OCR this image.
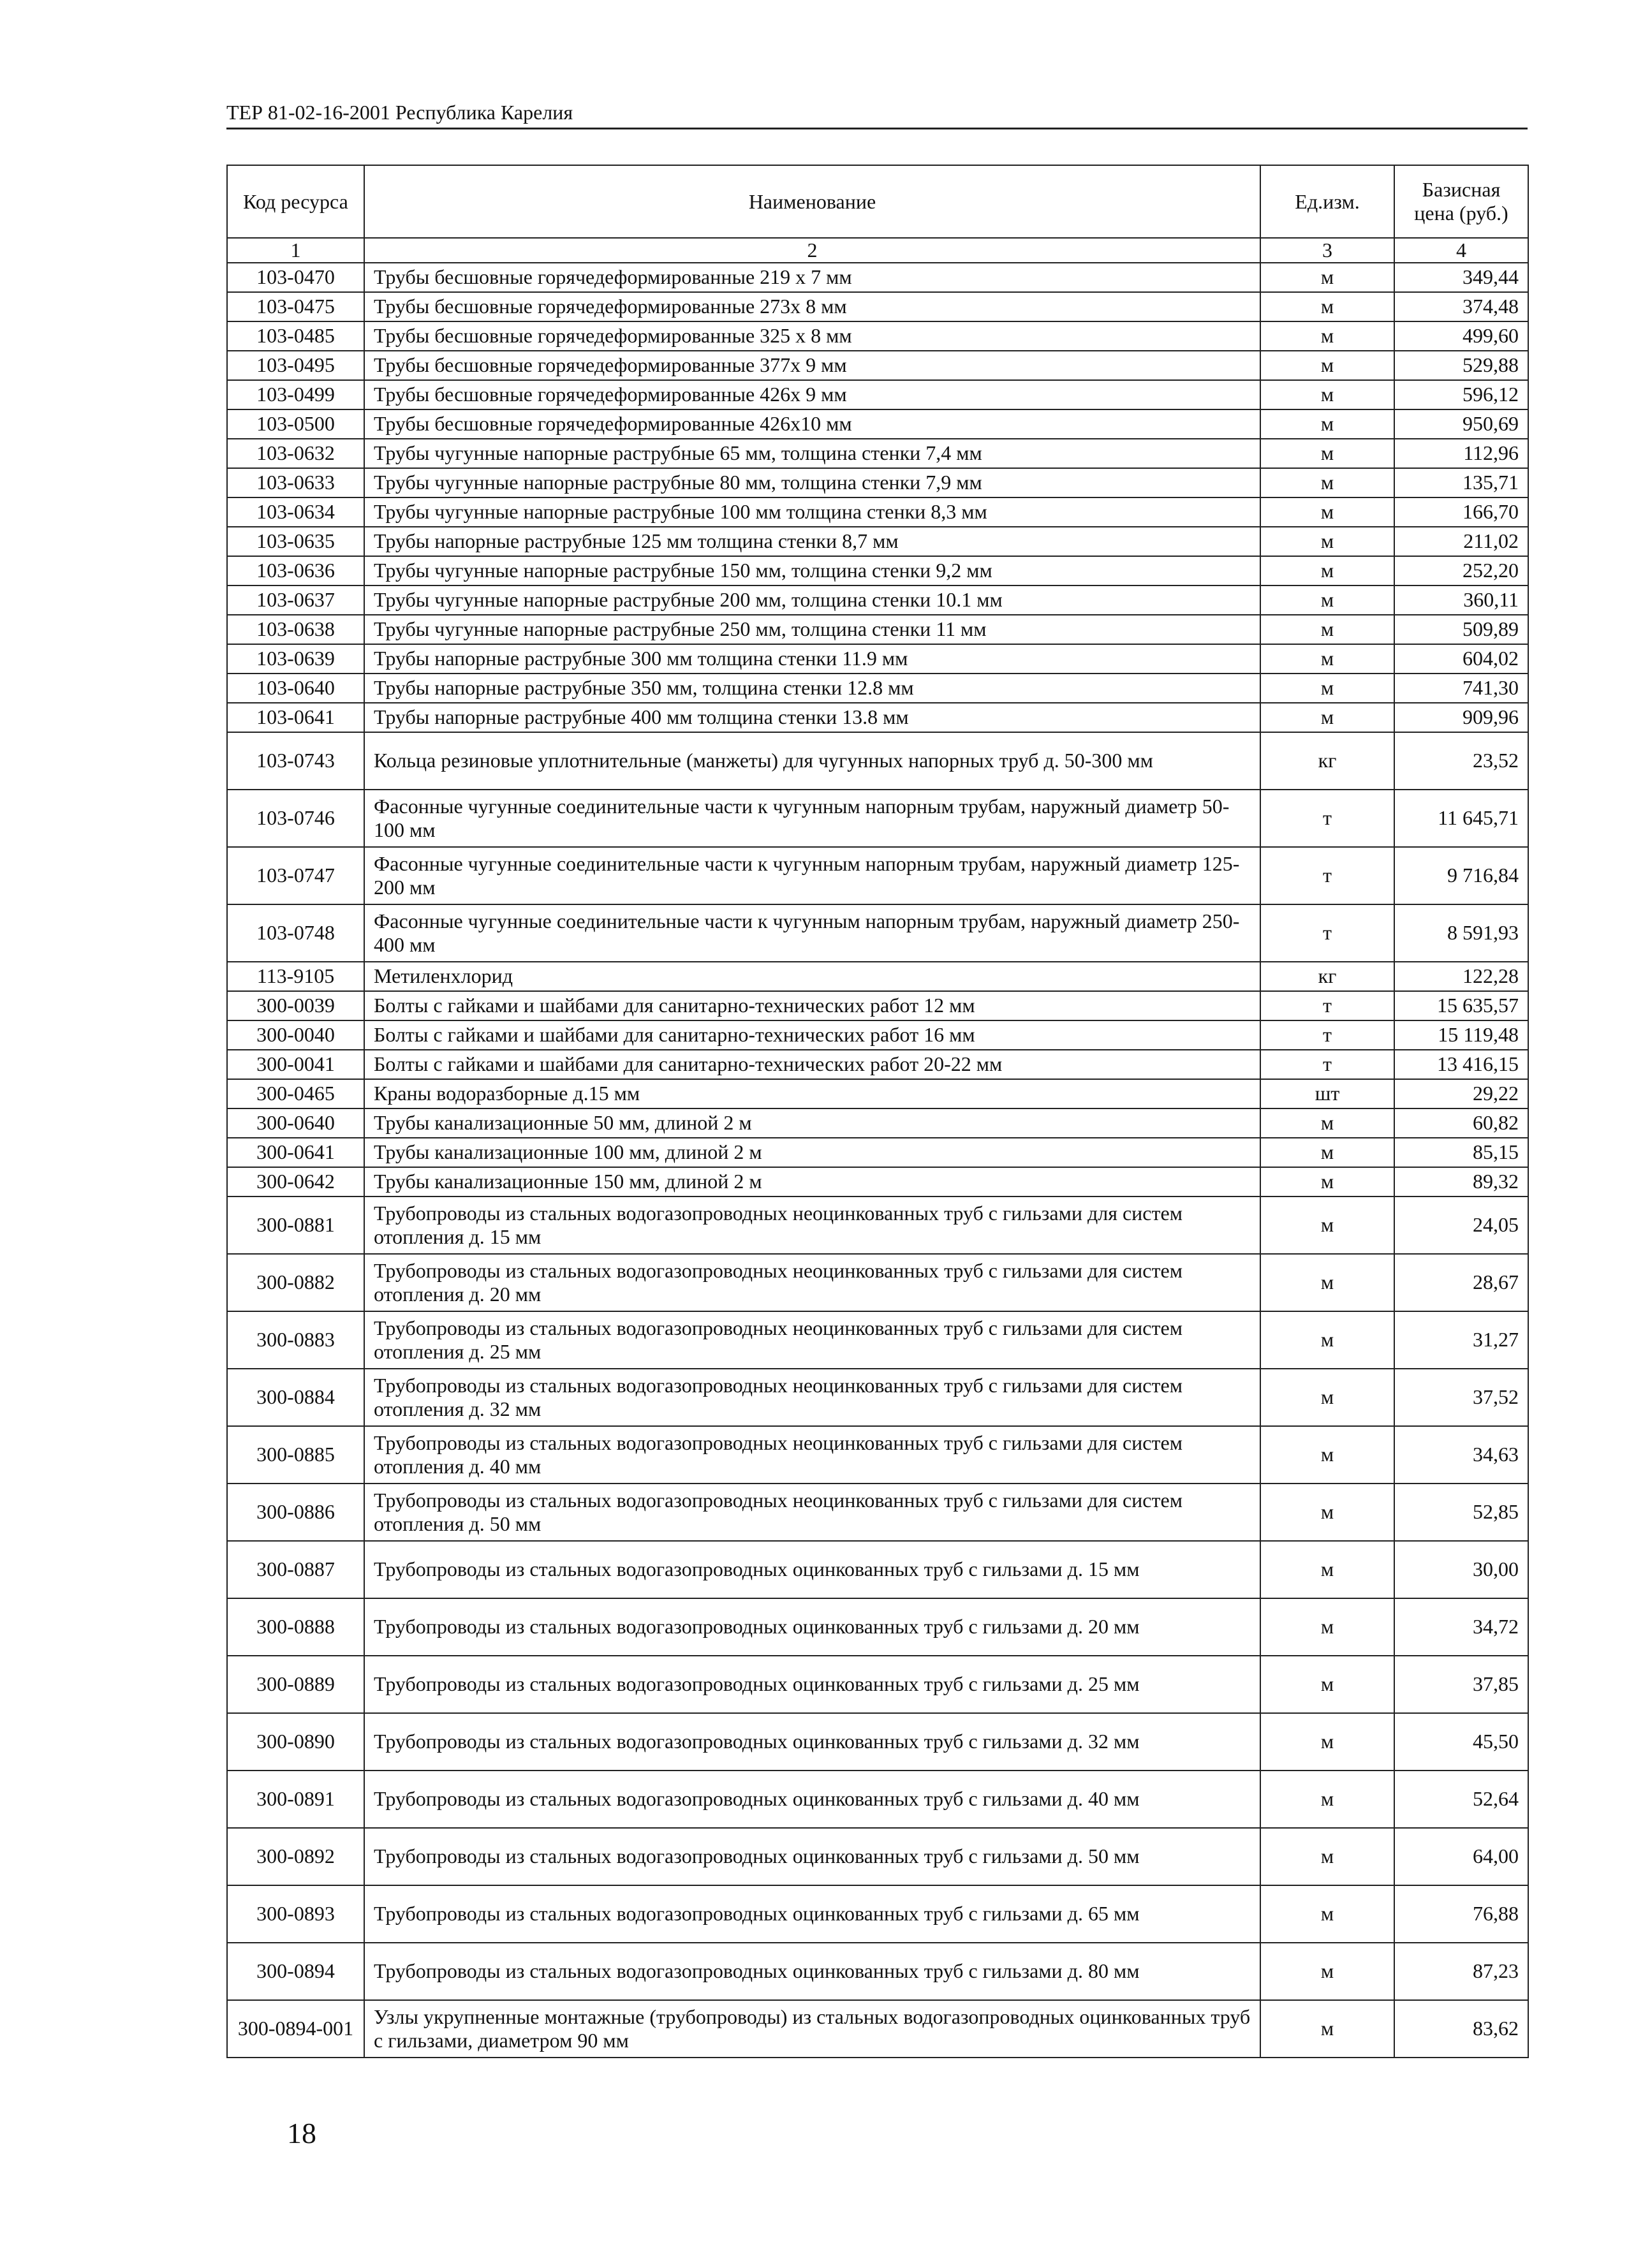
ТЕР 81-02-16-2001 Республика Карелия
Код ресурса	Наименование	Ед.изм.	Базисная цена (руб.)
1	2	3	4
103-0470	Трубы бесшовные горячедеформированные 219 х 7 мм	м	349,44
103-0475	Трубы бесшовные горячедеформированные 273х 8 мм	м	374,48
103-0485	Трубы бесшовные горячедеформированные 325 х 8 мм	м	499,60
103-0495	Трубы бесшовные горячедеформированные 377х 9 мм	м	529,88
103-0499	Трубы бесшовные горячедеформированные 426х 9 мм	м	596,12
103-0500	Трубы бесшовные горячедеформированные 426х10 мм	м	950,69
103-0632	Трубы чугунные напорные раструбные 65 мм, толщина стенки 7,4 мм	м	112,96
103-0633	Трубы чугунные напорные раструбные 80 мм, толщина стенки 7,9 мм	м	135,71
103-0634	Трубы чугунные напорные раструбные 100 мм толщина стенки 8,3 мм	м	166,70
103-0635	Трубы напорные раструбные 125 мм толщина стенки 8,7 мм	м	211,02
103-0636	Трубы чугунные напорные раструбные 150 мм, толщина стенки 9,2 мм	м	252,20
103-0637	Трубы чугунные напорные раструбные 200 мм, толщина стенки 10.1 мм	м	360,11
103-0638	Трубы чугунные напорные раструбные 250 мм, толщина стенки 11 мм	м	509,89
103-0639	Трубы напорные раструбные 300 мм толщина стенки 11.9 мм	м	604,02
103-0640	Трубы напорные раструбные 350 мм, толщина стенки 12.8 мм	м	741,30
103-0641	Трубы напорные раструбные 400 мм толщина стенки 13.8 мм	м	909,96
103-0743	Кольца резиновые уплотнительные (манжеты) для чугунных напорных труб д. 50-300 мм	кг	23,52
103-0746	Фасонные чугунные соединительные части к чугунным напорным трубам, наружный диаметр 50-100 мм	т	11 645,71
103-0747	Фасонные чугунные соединительные части к чугунным напорным трубам, наружный диаметр 125-200 мм	т	9 716,84
103-0748	Фасонные чугунные соединительные части к чугунным напорным трубам, наружный диаметр 250-400 мм	т	8 591,93
113-9105	Метиленхлорид	кг	122,28
300-0039	Болты с гайками и шайбами для санитарно-технических работ 12 мм	т	15 635,57
300-0040	Болты с гайками и шайбами для санитарно-технических работ 16 мм	т	15 119,48
300-0041	Болты с гайками и шайбами для санитарно-технических работ 20-22 мм	т	13 416,15
300-0465	Краны водоразборные д.15 мм	шт	29,22
300-0640	Трубы канализационные 50 мм, длиной 2 м	м	60,82
300-0641	Трубы канализационные 100 мм, длиной 2 м	м	85,15
300-0642	Трубы канализационные 150 мм, длиной 2 м	м	89,32
300-0881	Трубопроводы из стальных водогазопроводных неоцинкованных труб с гильзами для систем отопления д. 15 мм	м	24,05
300-0882	Трубопроводы из стальных водогазопроводных неоцинкованных труб с гильзами для систем отопления д. 20 мм	м	28,67
300-0883	Трубопроводы из стальных водогазопроводных неоцинкованных труб с гильзами для систем отопления д. 25 мм	м	31,27
300-0884	Трубопроводы из стальных водогазопроводных неоцинкованных труб с гильзами для систем отопления д. 32 мм	м	37,52
300-0885	Трубопроводы из стальных водогазопроводных неоцинкованных труб с гильзами для систем отопления д. 40 мм	м	34,63
300-0886	Трубопроводы из стальных водогазопроводных неоцинкованных труб с гильзами для систем отопления д. 50 мм	м	52,85
300-0887	Трубопроводы из стальных водогазопроводных оцинкованных труб с гильзами д. 15 мм	м	30,00
300-0888	Трубопроводы из стальных водогазопроводных оцинкованных труб с гильзами д. 20 мм	м	34,72
300-0889	Трубопроводы из стальных водогазопроводных оцинкованных труб с гильзами д. 25 мм	м	37,85
300-0890	Трубопроводы из стальных водогазопроводных оцинкованных труб с гильзами д. 32 мм	м	45,50
300-0891	Трубопроводы из стальных водогазопроводных оцинкованных труб с гильзами д. 40 мм	м	52,64
300-0892	Трубопроводы из стальных водогазопроводных оцинкованных труб с гильзами д. 50 мм	м	64,00
300-0893	Трубопроводы из стальных водогазопроводных оцинкованных труб с гильзами д. 65 мм	м	76,88
300-0894	Трубопроводы из стальных водогазопроводных оцинкованных труб с гильзами д. 80 мм	м	87,23
300-0894-001	Узлы укрупненные монтажные (трубопроводы) из стальных водогазопроводных оцинкованных труб с гильзами, диаметром 90 мм	м	83,62
18
